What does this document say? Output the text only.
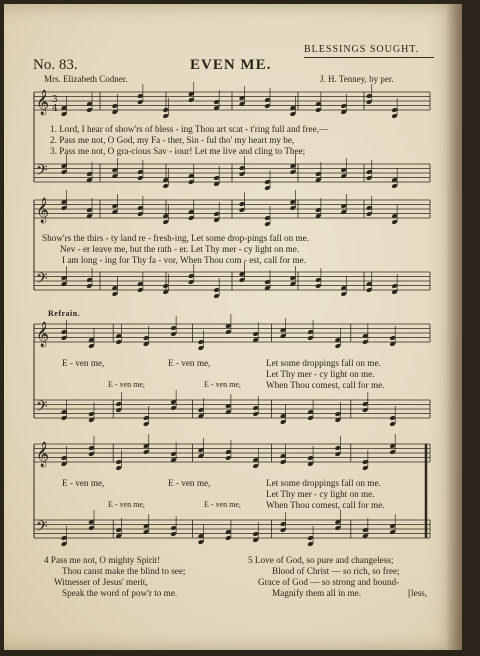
BLESSINGS SOUGHT.
No. 83.	EVEN ME.
Mrs. Elizabeth Codner.	J. H. Tenney, by per.
𝄞
𝄢
𝄞
𝄢
𝄞
𝄢
𝄞
𝄢
3
4
1. Lord, I hear of show'rs of bless - ing Thou art scat - t'ring full and free,—
2. Pass me not, O God, my Fa - ther, Sin - ful tho' my heart my be,
3. Pass me not, O gra-cious Sav - iour! Let me live and cling to Thee;
Show'rs the thirs - ty land re - fresh-ing, Let some drop-pings fall on me.
Nev - er leave me, but the rath - er. Let Thy mer - cy light on me.
I am long - ing for Thy fa - vor, When Thou com - est, call for me.
Refrain.
E - ven me,	E - ven me,
E - ven me,	E - ven me,
Let some droppings fall on me.
Let Thy mer - cy light on me.
When Thou comest, call for me.
E - ven me,	E - ven me,
E - ven me,	E - ven me,
Let some droppings fall on me.
Let Thy mer - cy light on me.
When Thou comest, call for me.
4 Pass me not, O mighty Spirit!
Thou canst make the blind to see;
Witnesser of Jesus' merit,
Speak the word of pow'r to me.
5 Love of God, so pure and changeless;
Blood of Christ — so rich, so free;
Grace of God — so strong and bound-
Magnify them all in me.	[less,
